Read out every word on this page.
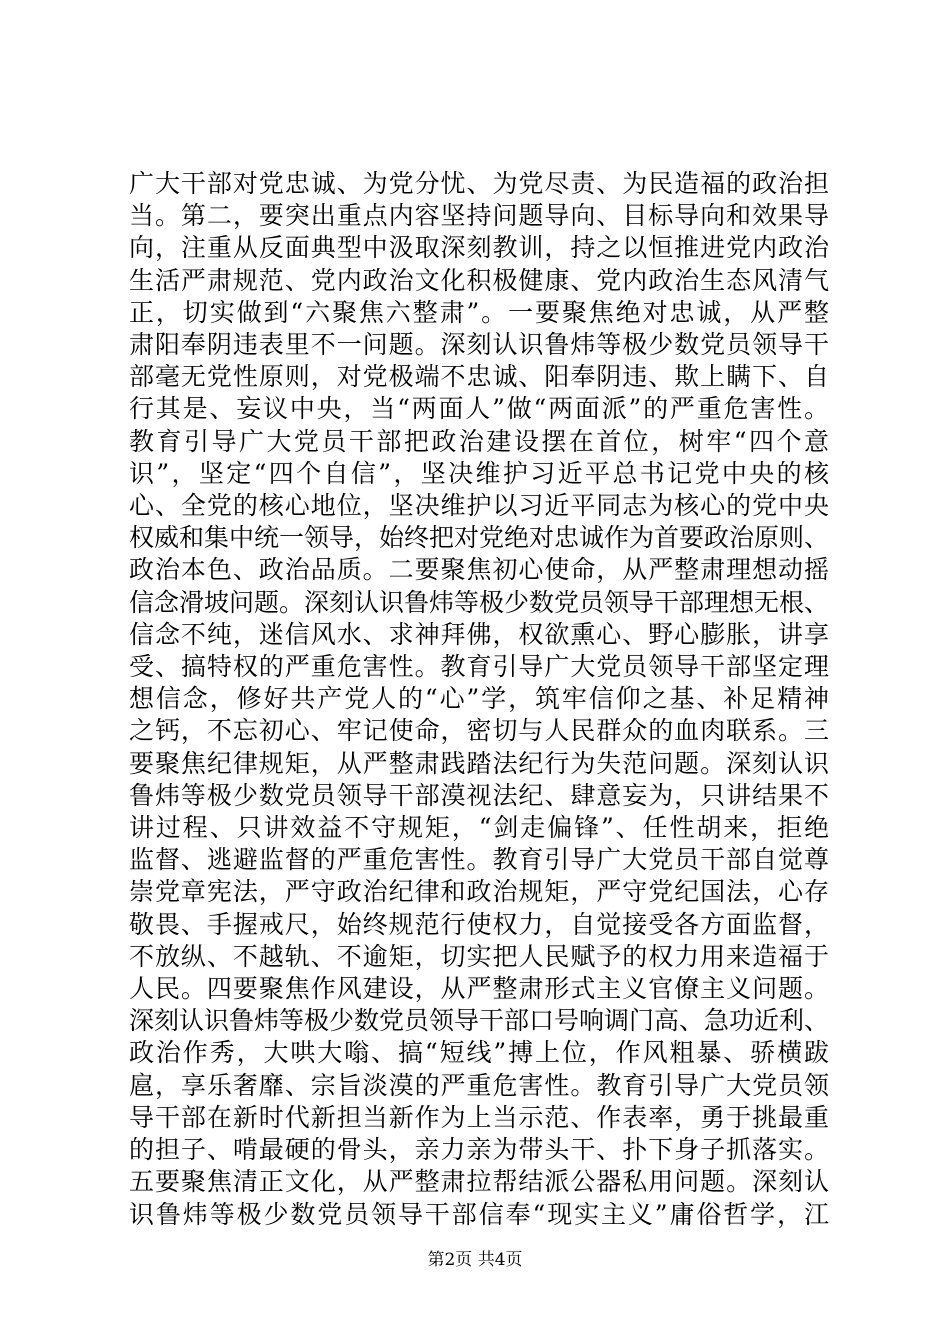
广大干部对党忠诚、为党分忧、为党尽责、为民造福的政治担
当。第二，要突出重点内容坚持问题导向、目标导向和效果导
向，注重从反面典型中汲取深刻教训，持之以恒推进党内政治
生活严肃规范、党内政治文化积极健康、党内政治生态风清气
正，切实做到“六聚焦六整肃”。一要聚焦绝对忠诚，从严整
肃阳奉阴违表里不一问题。深刻认识鲁炜等极少数党员领导干
部毫无党性原则，对党极端不忠诚、阳奉阴违、欺上瞒下、自
行其是、妄议中央，当“两面人”做“两面派”的严重危害性。
教育引导广大党员干部把政治建设摆在首位，树牢“四个意
识”，坚定“四个自信”，坚决维护习近平总书记党中央的核
心、全党的核心地位，坚决维护以习近平同志为核心的党中央
权威和集中统一领导，始终把对党绝对忠诚作为首要政治原则、
政治本色、政治品质。二要聚焦初心使命，从严整肃理想动摇
信念滑坡问题。深刻认识鲁炜等极少数党员领导干部理想无根、
信念不纯，迷信风水、求神拜佛，权欲熏心、野心膨胀，讲享
受、搞特权的严重危害性。教育引导广大党员领导干部坚定理
想信念，修好共产党人的“心”学，筑牢信仰之基、补足精神
之钙，不忘初心、牢记使命，密切与人民群众的血肉联系。三
要聚焦纪律规矩，从严整肃践踏法纪行为失范问题。深刻认识
鲁炜等极少数党员领导干部漠视法纪、肆意妄为，只讲结果不
讲过程、只讲效益不守规矩，“剑走偏锋”、任性胡来，拒绝
监督、逃避监督的严重危害性。教育引导广大党员干部自觉尊
崇党章宪法，严守政治纪律和政治规矩，严守党纪国法，心存
敬畏、手握戒尺，始终规范行使权力，自觉接受各方面监督，
不放纵、不越轨、不逾矩，切实把人民赋予的权力用来造福于
人民。四要聚焦作风建设，从严整肃形式主义官僚主义问题。
深刻认识鲁炜等极少数党员领导干部口号响调门高、急功近利、
政治作秀，大哄大嗡、搞“短线”搏上位，作风粗暴、骄横跋
扈，享乐奢靡、宗旨淡漠的严重危害性。教育引导广大党员领
导干部在新时代新担当新作为上当示范、作表率，勇于挑最重
的担子、啃最硬的骨头，亲力亲为带头干、扑下身子抓落实。
五要聚焦清正文化，从严整肃拉帮结派公器私用问题。深刻认
识鲁炜等极少数党员领导干部信奉“现实主义”庸俗哲学，江
第2页 共4页
